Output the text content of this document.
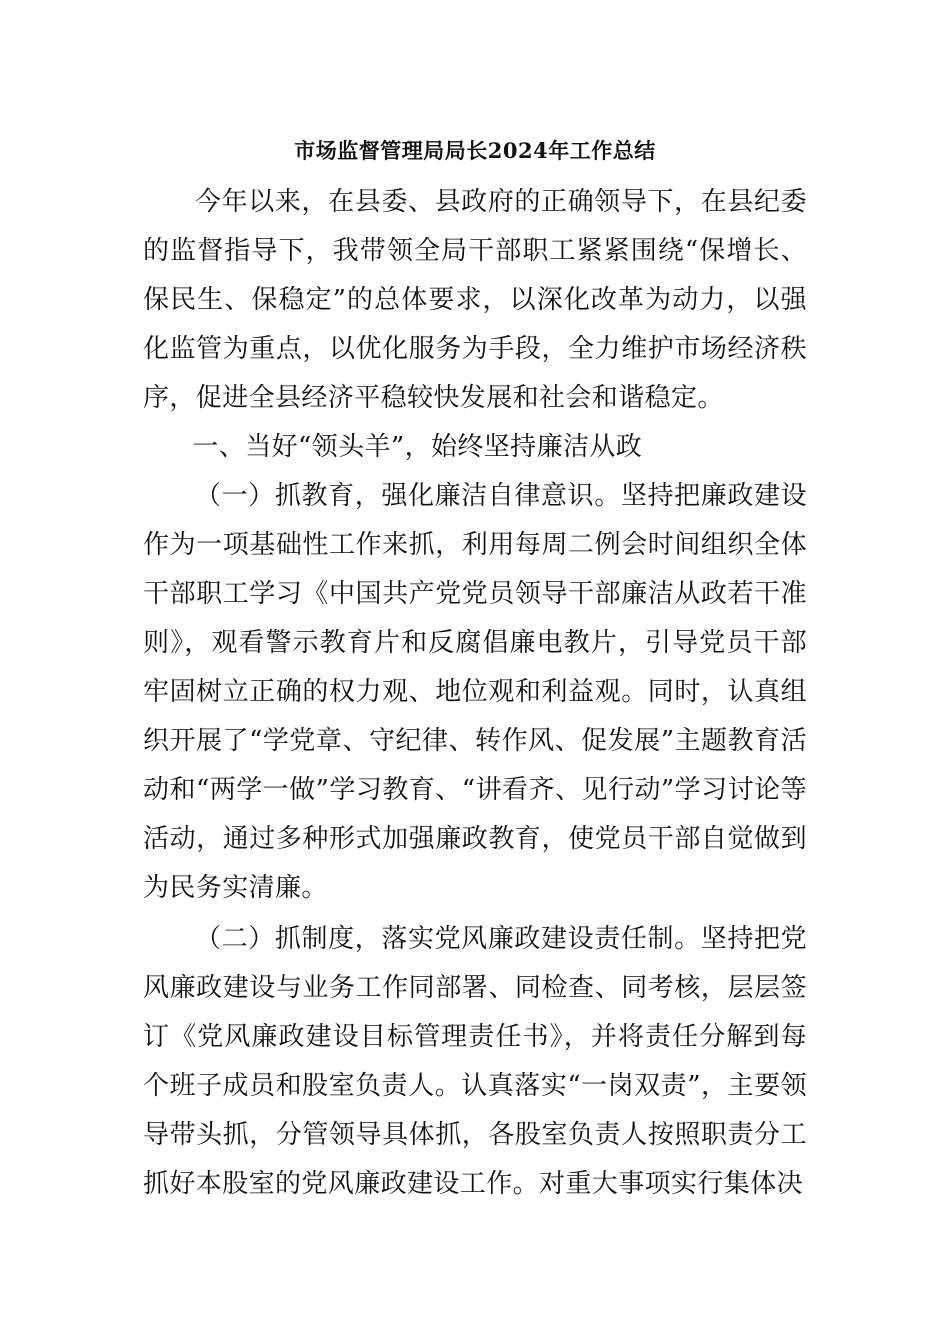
市场监督管理局局长2024年工作总结

今年以来，在县委、县政府的正确领导下，在县纪委的监督指导下，我带领全局干部职工紧紧围绕“保增长、保民生、保稳定”的总体要求，以深化改革为动力，以强化监管为重点，以优化服务为手段，全力维护市场经济秩序，促进全县经济平稳较快发展和社会和谐稳定。

一、当好“领头羊”，始终坚持廉洁从政

（一）抓教育，强化廉洁自律意识。坚持把廉政建设作为一项基础性工作来抓，利用每周二例会时间组织全体干部职工学习《中国共产党党员领导干部廉洁从政若干准则》，观看警示教育片和反腐倡廉电教片，引导党员干部牢固树立正确的权力观、地位观和利益观。同时，认真组织开展了“学党章、守纪律、转作风、促发展”主题教育活动和“两学一做”学习教育、“讲看齐、见行动”学习讨论等活动，通过多种形式加强廉政教育，使党员干部自觉做到为民务实清廉。

（二）抓制度，落实党风廉政建设责任制。坚持把党风廉政建设与业务工作同部署、同检查、同考核，层层签订《党风廉政建设目标管理责任书》，并将责任分解到每个班子成员和股室负责人。认真落实“一岗双责”，主要领导带头抓，分管领导具体抓，各股室负责人按照职责分工抓好本股室的党风廉政建设工作。对重大事项实行集体决
